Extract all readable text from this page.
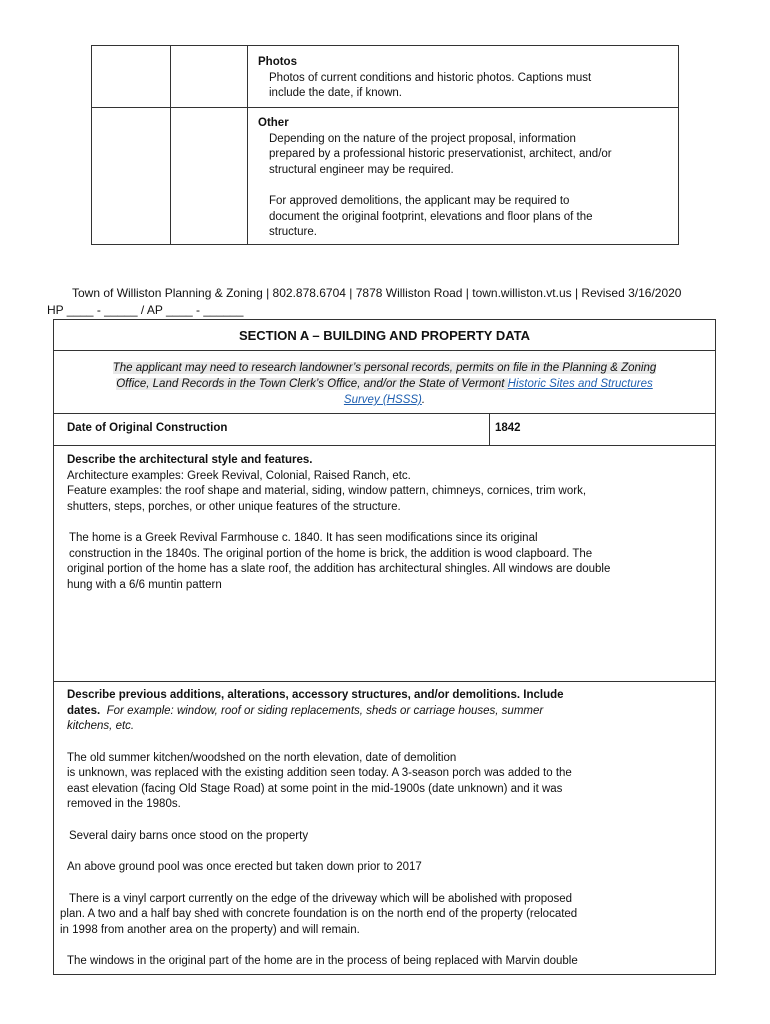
Photos

Photos of current conditions and historic photos. Captions must

include the date, if known.

Other

Depending on the nature of the project proposal, information

prepared by a professional historic preservationist, architect, and/or

structural engineer may be required.

For approved demolitions, the applicant may be required to

document the original footprint, elevations and floor plans of the

structure.

Town of Williston Planning & Zoning | 802.878.6704 | 7878 Williston Road | town.williston.vt.us | Revised 3/16/2020
HP ____ - _____ / AP ____ - ______
SECTION A – BUILDING AND PROPERTY DATA
The applicant may need to research landowner’s personal records, permits on file in the Planning & Zoning
Office, Land Records in the Town Clerk’s Office, and/or the State of Vermont Historic Sites and Structures
Survey (HSSS).
Date of Original Construction	1842

Describe the architectural style and features.

Architecture examples: Greek Revival, Colonial, Raised Ranch, etc.

Feature examples: the roof shape and material, siding, window pattern, chimneys, cornices, trim work,

shutters, steps, porches, or other unique features of the structure.

The home is a Greek Revival Farmhouse c. 1840. It has seen modifications since its original

construction in the 1840s. The original portion of the home is brick, the addition is wood clapboard. The

original portion of the home has a slate roof, the addition has architectural shingles. All windows are double

hung with a 6/6 muntin pattern

Describe previous additions, alterations, accessory structures, and/or demolitions. Include

dates. For example: window, roof or siding replacements, sheds or carriage houses, summer

kitchens, etc.

The old summer kitchen/woodshed on the north elevation, date of demolition

is unknown, was replaced with the existing addition seen today. A 3-season porch was added to the

east elevation (facing Old Stage Road) at some point in the mid-1900s (date unknown) and it was

removed in the 1980s.

Several dairy barns once stood on the property

An above ground pool was once erected but taken down prior to 2017

There is a vinyl carport currently on the edge of the driveway which will be abolished with proposed

plan. A two and a half bay shed with concrete foundation is on the north end of the property (relocated

in 1998 from another area on the property) and will remain.

The windows in the original part of the home are in the process of being replaced with Marvin double
